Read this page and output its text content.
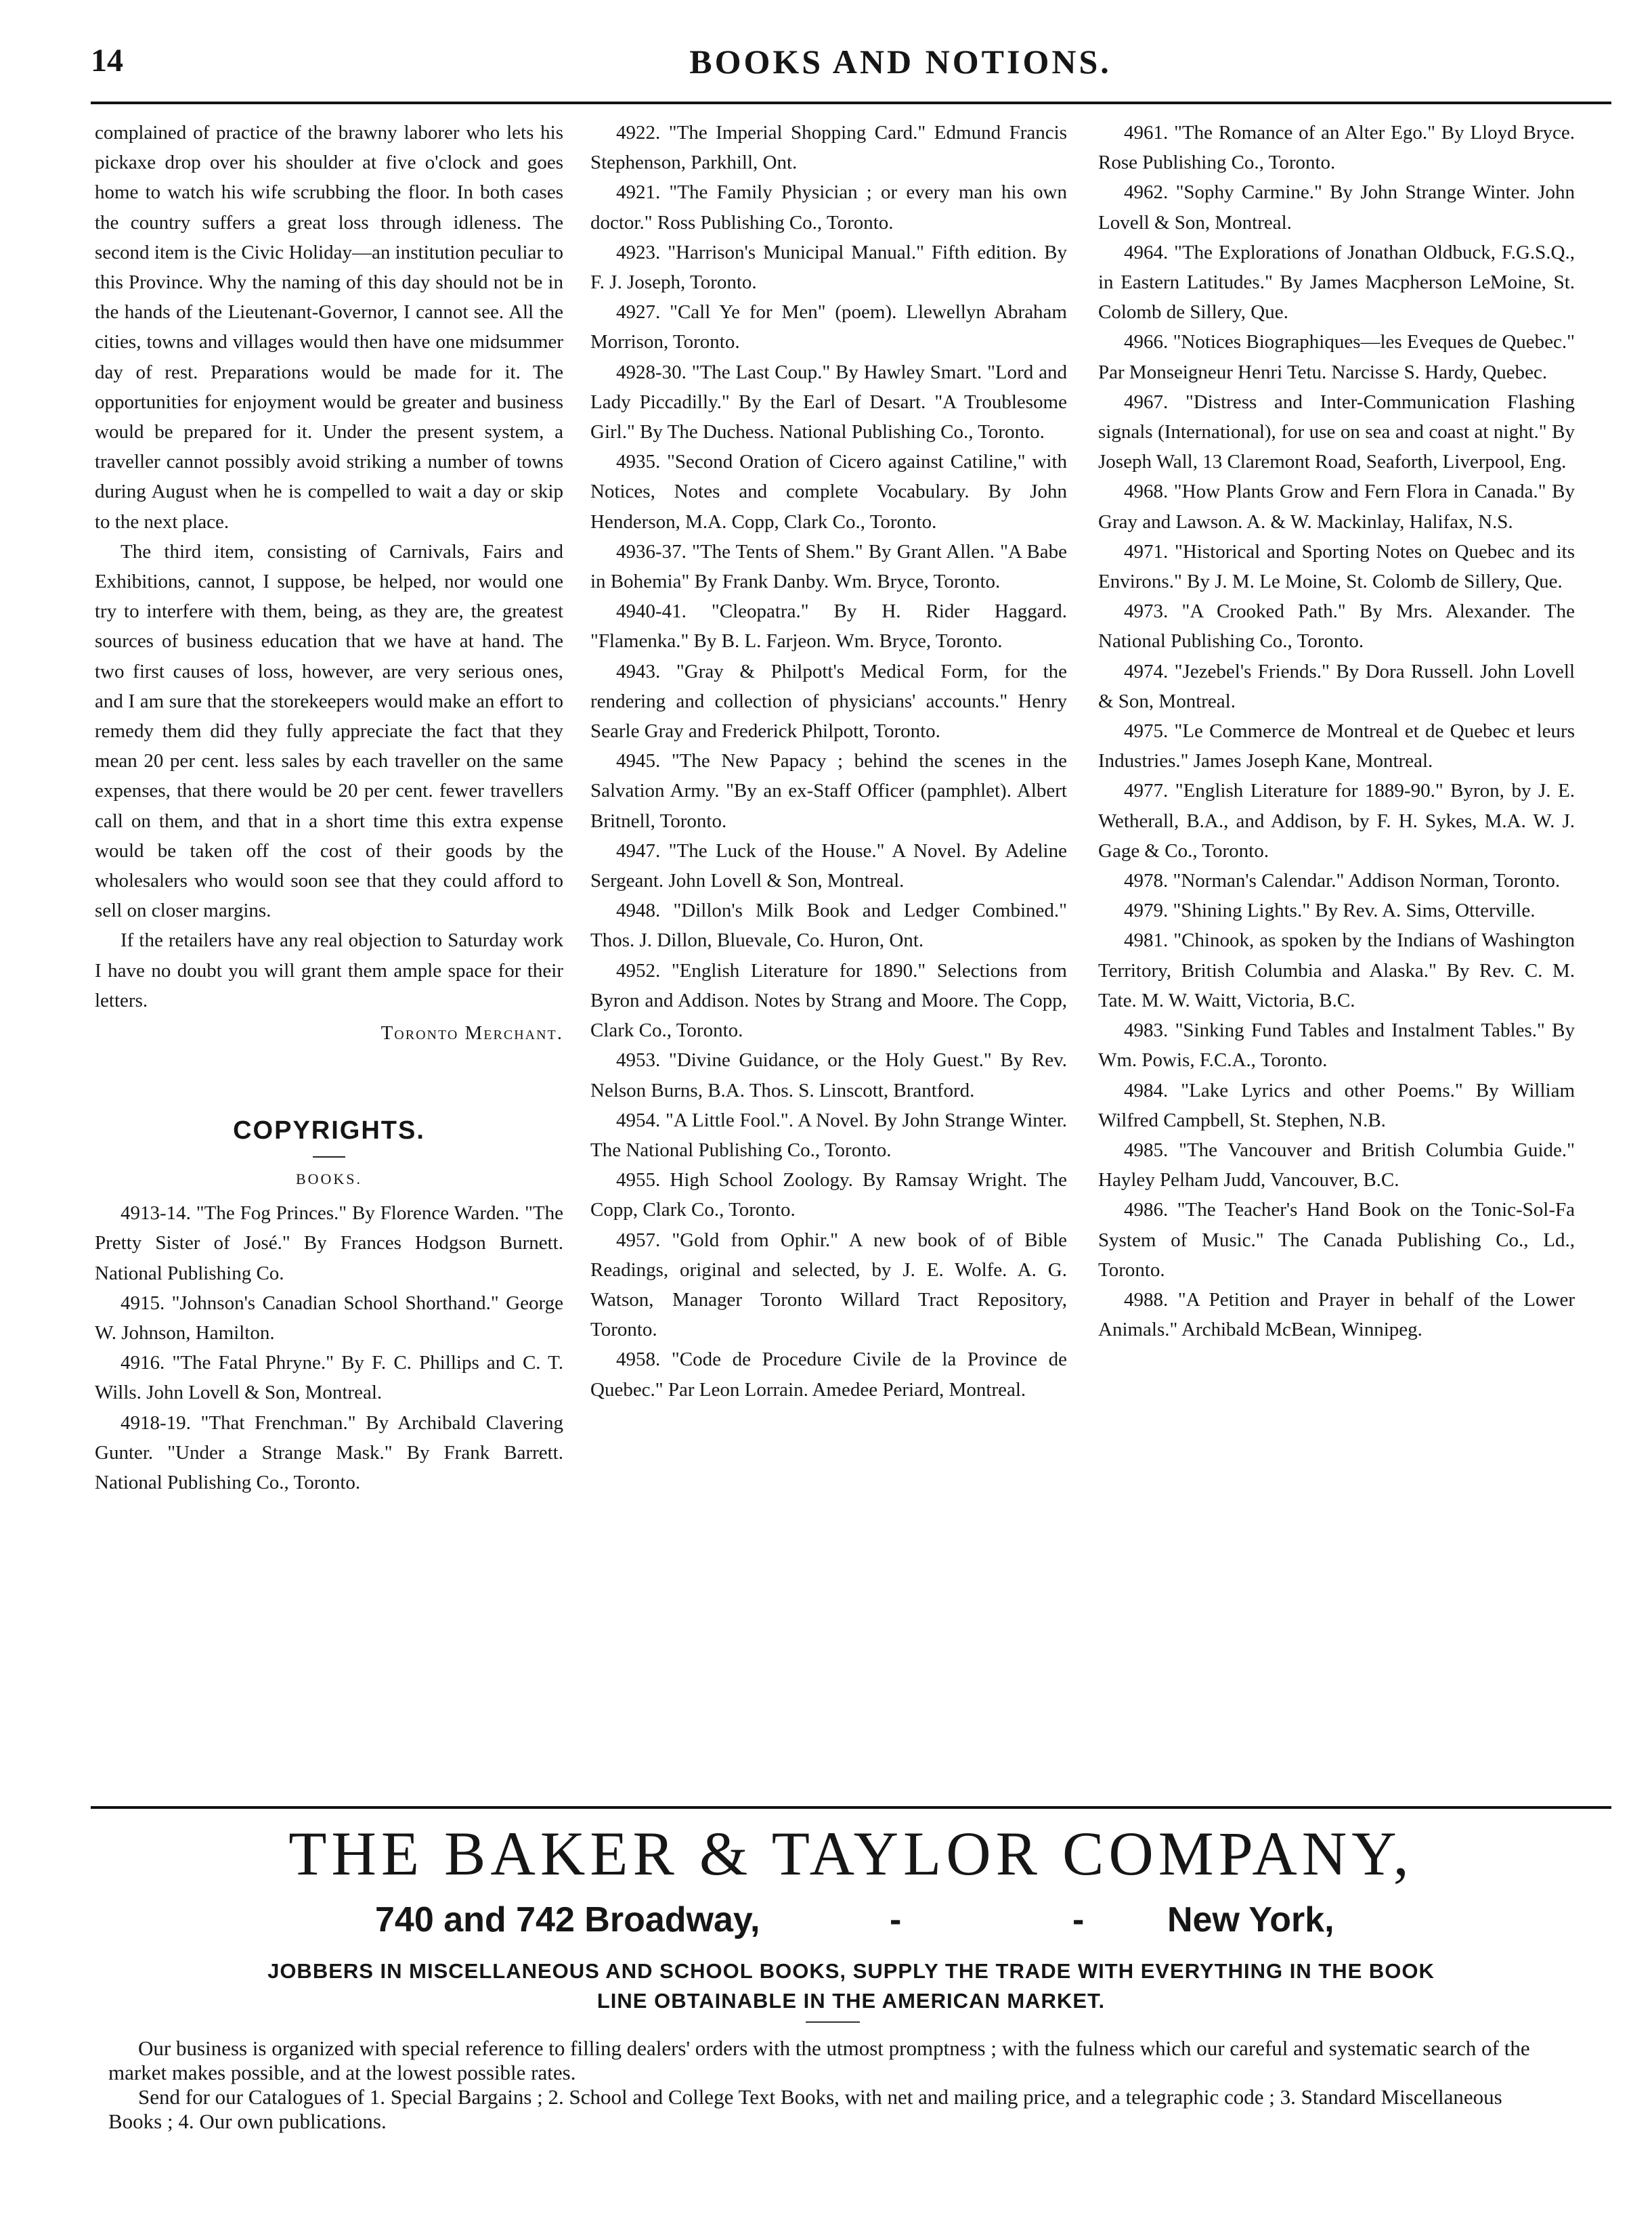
14	BOOKS AND NOTIONS.

complained of practice of the brawny laborer who lets his pickaxe drop over his shoulder at five o'clock and goes home to watch his wife scrubbing the floor. In both cases the country suffers a great loss through idleness. The second item is the Civic Holiday—an institution peculiar to this Province. Why the naming of this day should not be in the hands of the Lieutenant-Governor, I cannot see. All the cities, towns and villages would then have one midsummer day of rest. Preparations would be made for it. The opportunities for enjoyment would be greater and business would be prepared for it. Under the present system, a traveller cannot possibly avoid striking a number of towns during August when he is compelled to wait a day or skip to the next place.

The third item, consisting of Carnivals, Fairs and Exhibitions, cannot, I suppose, be helped, nor would one try to interfere with them, being, as they are, the greatest sources of business education that we have at hand. The two first causes of loss, however, are very serious ones, and I am sure that the storekeepers would make an effort to remedy them did they fully appreciate the fact that they mean 20 per cent. less sales by each traveller on the same expenses, that there would be 20 per cent. fewer travellers call on them, and that in a short time this extra expense would be taken off the cost of their goods by the wholesalers who would soon see that they could afford to sell on closer margins.

If the retailers have any real objection to Saturday work I have no doubt you will grant them ample space for their letters.

Toronto Merchant.

COPYRIGHTS.
BOOKS.

4913-14. "The Fog Princes." By Florence Warden. "The Pretty Sister of José." By Frances Hodgson Burnett. National Publishing Co.

4915. "Johnson's Canadian School Shorthand." George W. Johnson, Hamilton.

4916. "The Fatal Phryne." By F. C. Phillips and C. T. Wills. John Lovell & Son, Montreal.

4918-19. "That Frenchman." By Archibald Clavering Gunter. "Under a Strange Mask." By Frank Barrett. National Publishing Co., Toronto.

4922. "The Imperial Shopping Card." Edmund Francis Stephenson, Parkhill, Ont.

4921. "The Family Physician ; or every man his own doctor." Ross Publishing Co., Toronto.

4923. "Harrison's Municipal Manual." Fifth edition. By F. J. Joseph, Toronto.

4927. "Call Ye for Men" (poem). Llewellyn Abraham Morrison, Toronto.

4928-30. "The Last Coup." By Hawley Smart. "Lord and Lady Piccadilly." By the Earl of Desart. "A Troublesome Girl." By The Duchess. National Publishing Co., Toronto.

4935. "Second Oration of Cicero against Catiline," with Notices, Notes and complete Vocabulary. By John Henderson, M.A. Copp, Clark Co., Toronto.

4936-37. "The Tents of Shem." By Grant Allen. "A Babe in Bohemia" By Frank Danby. Wm. Bryce, Toronto.

4940-41. "Cleopatra." By H. Rider Haggard. "Flamenka." By B. L. Farjeon. Wm. Bryce, Toronto.

4943. "Gray & Philpott's Medical Form, for the rendering and collection of physicians' accounts." Henry Searle Gray and Frederick Philpott, Toronto.

4945. "The New Papacy ; behind the scenes in the Salvation Army. "By an ex-Staff Officer (pamphlet). Albert Britnell, Toronto.

4947. "The Luck of the House." A Novel. By Adeline Sergeant. John Lovell & Son, Montreal.

4948. "Dillon's Milk Book and Ledger Combined." Thos. J. Dillon, Bluevale, Co. Huron, Ont.

4952. "English Literature for 1890." Selections from Byron and Addison. Notes by Strang and Moore. The Copp, Clark Co., Toronto.

4953. "Divine Guidance, or the Holy Guest." By Rev. Nelson Burns, B.A. Thos. S. Linscott, Brantford.

4954. "A Little Fool.". A Novel. By John Strange Winter. The National Publishing Co., Toronto.

4955. High School Zoology. By Ramsay Wright. The Copp, Clark Co., Toronto.

4957. "Gold from Ophir." A new book of of Bible Readings, original and selected, by J. E. Wolfe. A. G. Watson, Manager Toronto Willard Tract Repository, Toronto.

4958. "Code de Procedure Civile de la Province de Quebec." Par Leon Lorrain. Amedee Periard, Montreal.

4961. "The Romance of an Alter Ego." By Lloyd Bryce. Rose Publishing Co., Toronto.

4962. "Sophy Carmine." By John Strange Winter. John Lovell & Son, Montreal.

4964. "The Explorations of Jonathan Oldbuck, F.G.S.Q., in Eastern Latitudes." By James Macpherson LeMoine, St. Colomb de Sillery, Que.

4966. "Notices Biographiques—les Eveques de Quebec." Par Monseigneur Henri Tetu. Narcisse S. Hardy, Quebec.

4967. "Distress and Inter-Communication Flashing signals (International), for use on sea and coast at night." By Joseph Wall, 13 Claremont Road, Seaforth, Liverpool, Eng.

4968. "How Plants Grow and Fern Flora in Canada." By Gray and Lawson. A. & W. Mackinlay, Halifax, N.S.

4971. "Historical and Sporting Notes on Quebec and its Environs." By J. M. Le Moine, St. Colomb de Sillery, Que.

4973. "A Crooked Path." By Mrs. Alexander. The National Publishing Co., Toronto.

4974. "Jezebel's Friends." By Dora Russell. John Lovell & Son, Montreal.

4975. "Le Commerce de Montreal et de Quebec et leurs Industries." James Joseph Kane, Montreal.

4977. "English Literature for 1889-90." Byron, by J. E. Wetherall, B.A., and Addison, by F. H. Sykes, M.A. W. J. Gage & Co., Toronto.

4978. "Norman's Calendar." Addison Norman, Toronto.

4979. "Shining Lights." By Rev. A. Sims, Otterville.

4981. "Chinook, as spoken by the Indians of Washington Territory, British Columbia and Alaska." By Rev. C. M. Tate. M. W. Waitt, Victoria, B.C.

4983. "Sinking Fund Tables and Instalment Tables." By Wm. Powis, F.C.A., Toronto.

4984. "Lake Lyrics and other Poems." By William Wilfred Campbell, St. Stephen, N.B.

4985. "The Vancouver and British Columbia Guide." Hayley Pelham Judd, Vancouver, B.C.

4986. "The Teacher's Hand Book on the Tonic-Sol-Fa System of Music." The Canada Publishing Co., Ld., Toronto.

4988. "A Petition and Prayer in behalf of the Lower Animals." Archibald McBean, Winnipeg.

THE BAKER & TAYLOR COMPANY,
740 and 742 Broadway,	-	- New York,
JOBBERS IN MISCELLANEOUS AND SCHOOL BOOKS, SUPPLY THE TRADE WITH EVERYTHING IN THE BOOK
LINE OBTAINABLE IN THE AMERICAN MARKET.

Our business is organized with special reference to filling dealers' orders with the utmost promptness ; with the fulness which our careful and systematic search of the market makes possible, and at the lowest possible rates.

Send for our Catalogues of 1. Special Bargains ; 2. School and College Text Books, with net and mailing price, and a telegraphic code ; 3. Standard Miscellaneous Books ; 4. Our own publications.
